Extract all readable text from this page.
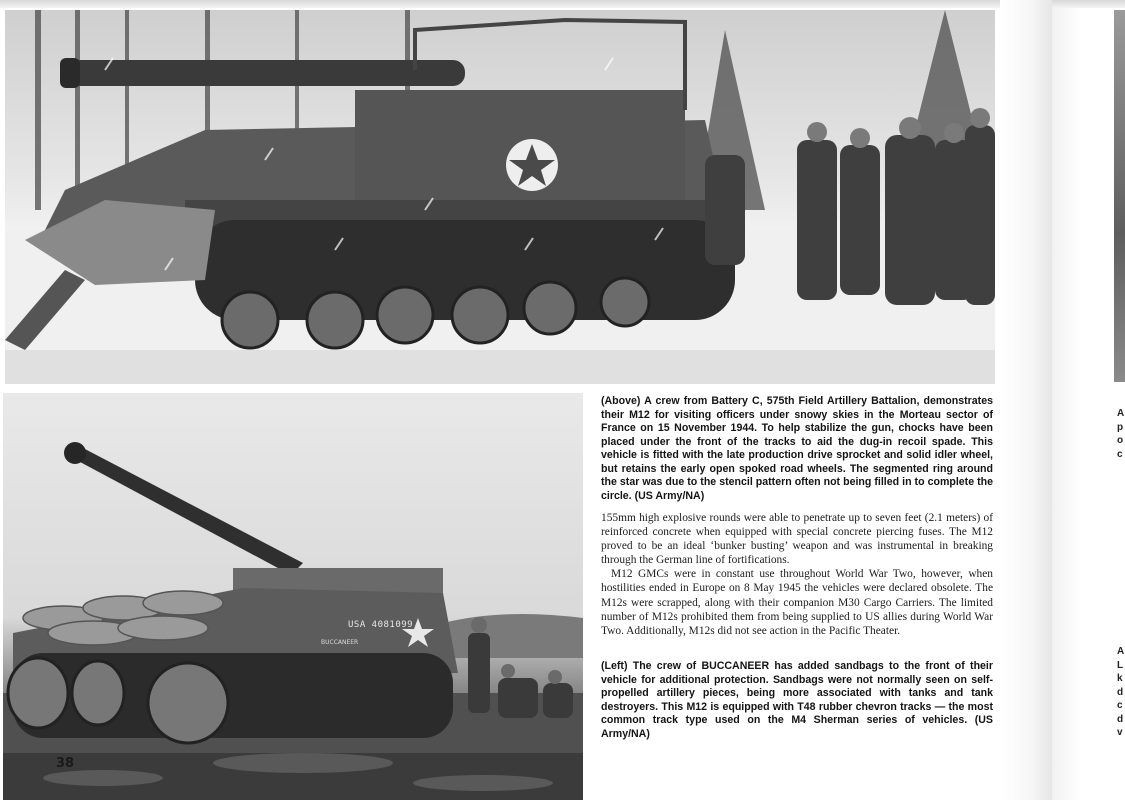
USA 4081099
BUCCANEER
38
(Above) A crew from Battery C, 575th Field Artillery Battalion, demonstrates their M12 for visiting officers under snowy skies in the Morteau sector of France on 15 November 1944. To help stabilize the gun, chocks have been placed under the front of the tracks to aid the dug-in recoil spade. This vehicle is fitted with the late production drive sprocket and solid idler wheel, but retains the early open spoked road wheels. The segmented ring around the star was due to the stencil pattern often not being filled in to complete the circle. (US Army/NA)

155mm high explosive rounds were able to penetrate up to seven feet (2.1 meters) of reinforced concrete when equipped with special concrete piercing fuses. The M12 proved to be an ideal ‘bunker busting’ weapon and was instrumental in breaking through the German line of fortifications.

M12 GMCs were in constant use throughout World War Two, however, when hostilities ended in Europe on 8 May 1945 the vehicles were declared obsolete. The M12s were scrapped, along with their companion M30 Cargo Carriers. The limited number of M12s prohibited them from being supplied to US allies during World War Two. Additionally, M12s did not see action in the Pacific Theater.

(Left) The crew of BUCCANEER has added sandbags to the front of their vehicle for additional protection. Sandbags were not normally seen on self-propelled artillery pieces, being more associated with tanks and tank destroyers. This M12 is equipped with T48 rubber chevron tracks — the most common track type used on the M4 Sherman series of vehicles. (US Army/NA)
A
p
o
c
A
L
k
d
c
d
v
